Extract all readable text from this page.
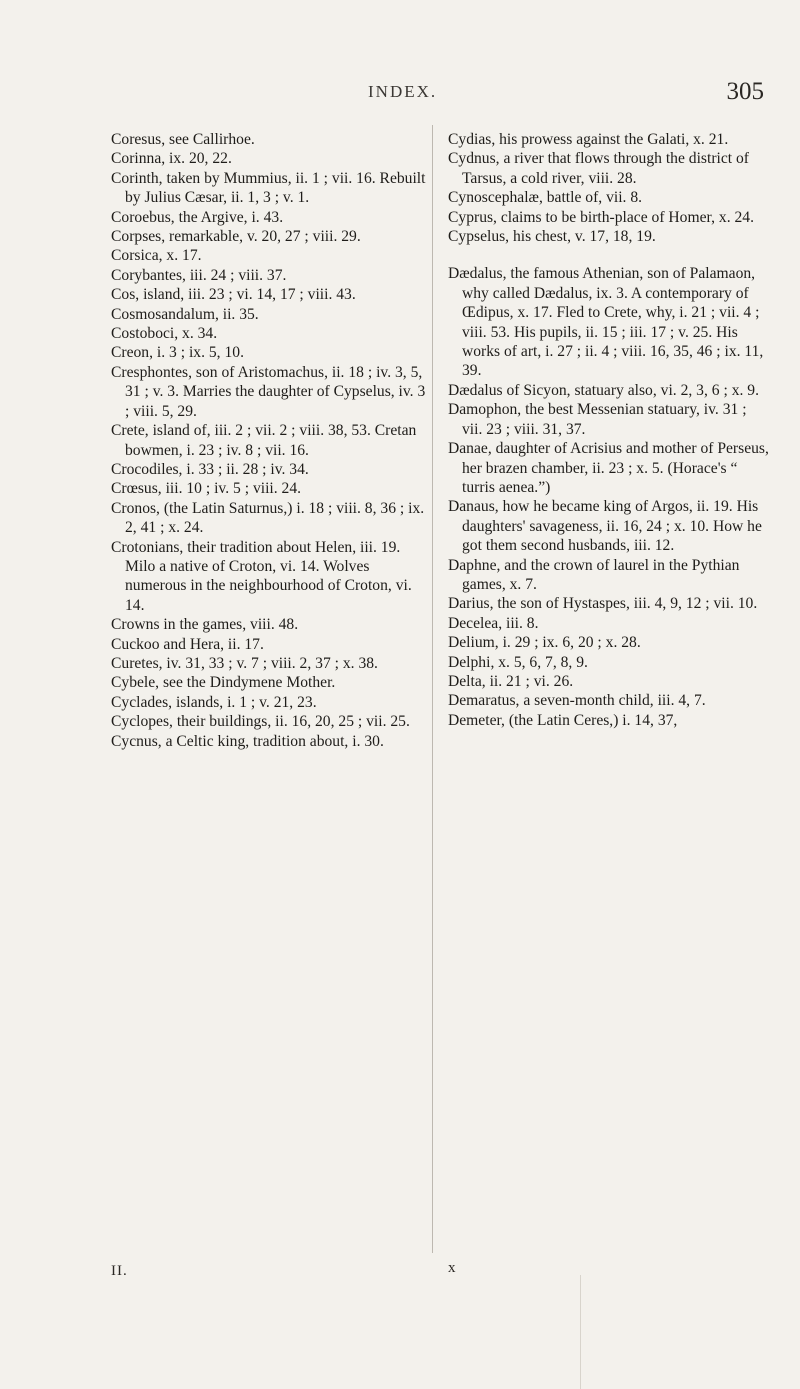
INDEX.	305

Coresus, see Callirhoe.

Corinna, ix. 20, 22.

Corinth, taken by Mummius, ii. 1 ; vii. 16. Rebuilt by Julius Cæsar, ii. 1, 3 ; v. 1.

Coroebus, the Argive, i. 43.

Corpses, remarkable, v. 20, 27 ; viii. 29.

Corsica, x. 17.

Corybantes, iii. 24 ; viii. 37.

Cos, island, iii. 23 ; vi. 14, 17 ; viii. 43.

Cosmosandalum, ii. 35.

Costoboci, x. 34.

Creon, i. 3 ; ix. 5, 10.

Cresphontes, son of Aristomachus, ii. 18 ; iv. 3, 5, 31 ; v. 3. Marries the daughter of Cypselus, iv. 3 ; viii. 5, 29.

Crete, island of, iii. 2 ; vii. 2 ; viii. 38, 53. Cretan bowmen, i. 23 ; iv. 8 ; vii. 16.

Crocodiles, i. 33 ; ii. 28 ; iv. 34.

Crœsus, iii. 10 ; iv. 5 ; viii. 24.

Cronos, (the Latin Saturnus,) i. 18 ; viii. 8, 36 ; ix. 2, 41 ; x. 24.

Crotonians, their tradition about Helen, iii. 19. Milo a native of Croton, vi. 14. Wolves numerous in the neighbourhood of Croton, vi. 14.

Crowns in the games, viii. 48.

Cuckoo and Hera, ii. 17.

Curetes, iv. 31, 33 ; v. 7 ; viii. 2, 37 ; x. 38.

Cybele, see the Dindymene Mother.

Cyclades, islands, i. 1 ; v. 21, 23.

Cyclopes, their buildings, ii. 16, 20, 25 ; vii. 25.

Cycnus, a Celtic king, tradition about, i. 30.

Cydias, his prowess against the Galati, x. 21.

Cydnus, a river that flows through the district of Tarsus, a cold river, viii. 28.

Cynoscephalæ, battle of, vii. 8.

Cyprus, claims to be birth-place of Homer, x. 24.

Cypselus, his chest, v. 17, 18, 19.

Dædalus, the famous Athenian, son of Palamaon, why called Dædalus, ix. 3. A contemporary of Œdipus, x. 17. Fled to Crete, why, i. 21 ; vii. 4 ; viii. 53. His pupils, ii. 15 ; iii. 17 ; v. 25. His works of art, i. 27 ; ii. 4 ; viii. 16, 35, 46 ; ix. 11, 39.

Dædalus of Sicyon, statuary also, vi. 2, 3, 6 ; x. 9.

Damophon, the best Messenian statuary, iv. 31 ; vii. 23 ; viii. 31, 37.

Danae, daughter of Acrisius and mother of Perseus, her brazen chamber, ii. 23 ; x. 5. (Horace's “ turris aenea.”)

Danaus, how he became king of Argos, ii. 19. His daughters' savageness, ii. 16, 24 ; x. 10. How he got them second husbands, iii. 12.

Daphne, and the crown of laurel in the Pythian games, x. 7.

Darius, the son of Hystaspes, iii. 4, 9, 12 ; vii. 10.

Decelea, iii. 8.

Delium, i. 29 ; ix. 6, 20 ; x. 28.

Delphi, x. 5, 6, 7, 8, 9.

Delta, ii. 21 ; vi. 26.

Demaratus, a seven-month child, iii. 4, 7.

Demeter, (the Latin Ceres,) i. 14, 37,

II.	x
